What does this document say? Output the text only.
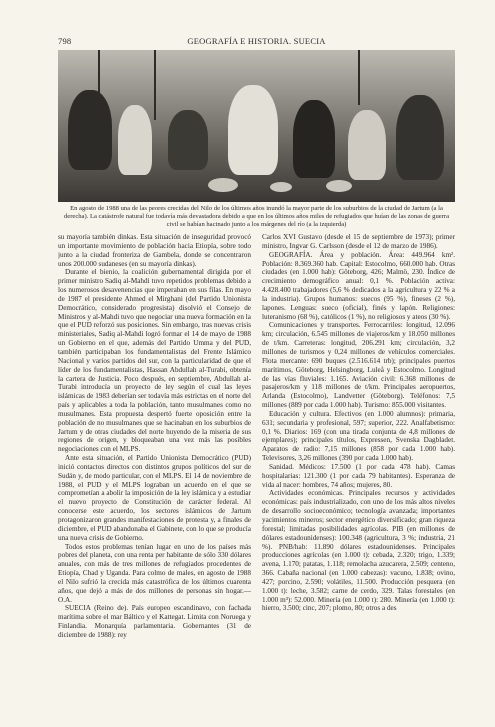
798	GEOGRAFÍA E HISTORIA. SUECIA
En agosto de 1988 una de las peores crecidas del Nilo de los últimos años inundó la mayor parte de los suburbios de la ciudad de Jartum (a la derecha). La catástrofe natural fue todavía más devastadora debido a que en los últimos años miles de refugiados que huían de las zonas de guerra civil se habían hacinado junto a los márgenes del río (a la izquierda)

su mayoría también dinkas. Esta situación de inseguridad provocó un importante movimiento de población hacia Etiopía, sobre todo junto a la ciudad fronteriza de Gambela, donde se concentraron unos 200.000 sudaneses (en su mayoría dinkas).

Durante el bienio, la coalición gubernamental dirigida por el primer ministro Sadiq al-Mahdi tuvo repetidos problemas debido a los numerosos desavenencias que imperaban en sus filas. En mayo de 1987 el presidente Ahmed el Mirghani (del Partido Unionista Democrático, considerado progresista) disolvió el Consejo de Ministros y al-Mahdi tuvo que negociar una nueva formación en la que el PUD reforzó sus posiciones. Sin embargo, tras nuevas crisis ministeriales, Sadiq al-Mahdi logró formar el 14 de mayo de 1988 un Gobierno en el que, además del Partido Umma y del PUD, también participaban los fundamentalistas del Frente Islámico Nacional y varios partidos del sur, con la particularidad de que el líder de los fundamentalistas, Hassan Abdullah al-Turabi, obtenía la cartera de Justicia. Poco después, en septiembre, Abdullah al-Turabi introducía un proyecto de ley según el cual las leyes islámicas de 1983 deberían ser todavía más estrictas en el norte del país y aplicables a toda la población, tanto musulmanes como no musulmanes. Esta propuesta despertó fuerte oposición entre la población de no musulmanes que se hacinaban en los suburbios de Jartum y de otras ciudades del norte huyendo de la miseria de sus regiones de origen, y bloqueaban una vez más las posibles negociaciones con el MLPS.

Ante esta situación, el Partido Unionista Democrático (PUD) inició contactos directos con distintos grupos políticos del sur de Sudán y, de modo particular, con el MLPS. El 14 de noviembre de 1988, el PUD y el MLPS lograban un acuerdo en el que se comprometían a abolir la imposición de la ley islámica y a estudiar el nuevo proyecto de Constitución de carácter federal. Al conocerse este acuerdo, los sectores islámicos de Jartum protagonizaron grandes manifestaciones de protesta y, a finales de diciembre, el PUD abandonaba el Gabinete, con lo que se producía una nueva crisis de Gobierno.

Todos estos problemas tenían lugar en uno de los países más pobres del planeta, con una renta per habitante de sólo 330 dólares anuales, con más de tres millones de refugiados procedentes de Etiopía, Chad y Uganda. Para colmo de males, en agosto de 1988 el Nilo sufrió la crecida más catastrófica de los últimos cuarenta años, que dejó a más de dos millones de personas sin hogar.—O.A.

SUECIA (Reino de). País europeo escandinavo, con fachada marítima sobre el mar Báltico y el Kattegat. Limita con Noruega y Finlandia. Monarquía parlamentaria. Gobernantes (31 de diciembre de 1988): rey

Carlos XVI Gustavo (desde el 15 de septiembre de 1973); primer ministro, Ingvar G. Carlsson (desde el 12 de marzo de 1986).

GEOGRAFÍA. Área y población. Área: 449.964 km². Población: 8.369.360 hab. Capital: Estocolmo, 660.000 hab. Otras ciudades (en 1.000 hab): Göteborg, 426; Malmö, 230. Índice de crecimiento demográfico anual: 0,1 %. Población activa: 4.428.400 trabajadores (5,6 % dedicados a la agricultura y 22 % a la industria). Grupos humanos: suecos (95 %), fineses (2 %), lapones. Lenguas: sueco (oficial), finés y lapón. Religiones: luteranismo (68 %), católicos (1 %), no religiosos y ateos (30 %).

Comunicaciones y transportes. Ferrocarriles: longitud, 12.096 km; circulación, 6.545 millones de viajeros/km y 18.050 millones de t/km. Carreteras: longitud, 206.291 km; circulación, 3,2 millones de turismos y 0,24 millones de vehículos comerciales. Flota mercante: 690 buques (2.516.614 trb); principales puertos marítimos, Göteborg, Helsingborg, Luleå y Estocolmo. Longitud de las vías fluviales: 1.165. Aviación civil: 6.368 millones de pasajeros/km y 118 millones de t/km. Principales aeropuertos, Arlanda (Estocolmo), Landvetter (Göteborg). Teléfonos: 7,5 millones (889 por cada 1.000 hab). Turismo: 855.000 visitantes.

Educación y cultura. Efectivos (en 1.000 alumnos): primaria, 631; secundaria y profesional, 597; superior, 222. Analfabetismo: 0,1 %. Diarios: 169 (con una tirada conjunta de 4,8 millones de ejemplares); principales títulos, Expressen, Svenska Dagbladet. Aparatos de radio: 7,15 millones (858 por cada 1.000 hab). Televisores, 3,26 millones (390 por cada 1.000 hab).

Sanidad. Médicos: 17.500 (1 por cada 478 hab). Camas hospitalarias: 121.300 (1 por cada 79 habitantes). Esperanza de vida al nacer: hombres, 74 años; mujeres, 80.

Actividades económicas. Principales recursos y actividades económicas: país industrializado, con uno de los más altos niveles de desarrollo socioeconómico; tecnología avanzada; importantes yacimientos mineros; sector energético diversificado; gran riqueza forestal; limitadas posibilidades agrícolas. PIB (en millones de dólares estadounidenses): 100.348 (agricultura, 3 %; industria, 21 %). PNB/hab: 11.890 dólares estadounidenses. Principales producciones agrícolas (en 1.000 t): cebada, 2.320; trigo, 1.339; avena, 1.170; patatas, 1.118; remolacha azucarera, 2.509; centeno, 366. Cabaña nacional (en 1.000 cabezas): vacuno, 1.838; ovino, 427; porcino, 2.590; volátiles, 11.500. Producción pesquera (en 1.000 t): leche, 3.582; carne de cerdo, 329. Talas forestales (en 1.000 m³): 52.000. Minería (en 1.000 t): 280. Minería (en 1.000 t): hierro, 3.500; cinc, 207; plomo, 80; otros a des
